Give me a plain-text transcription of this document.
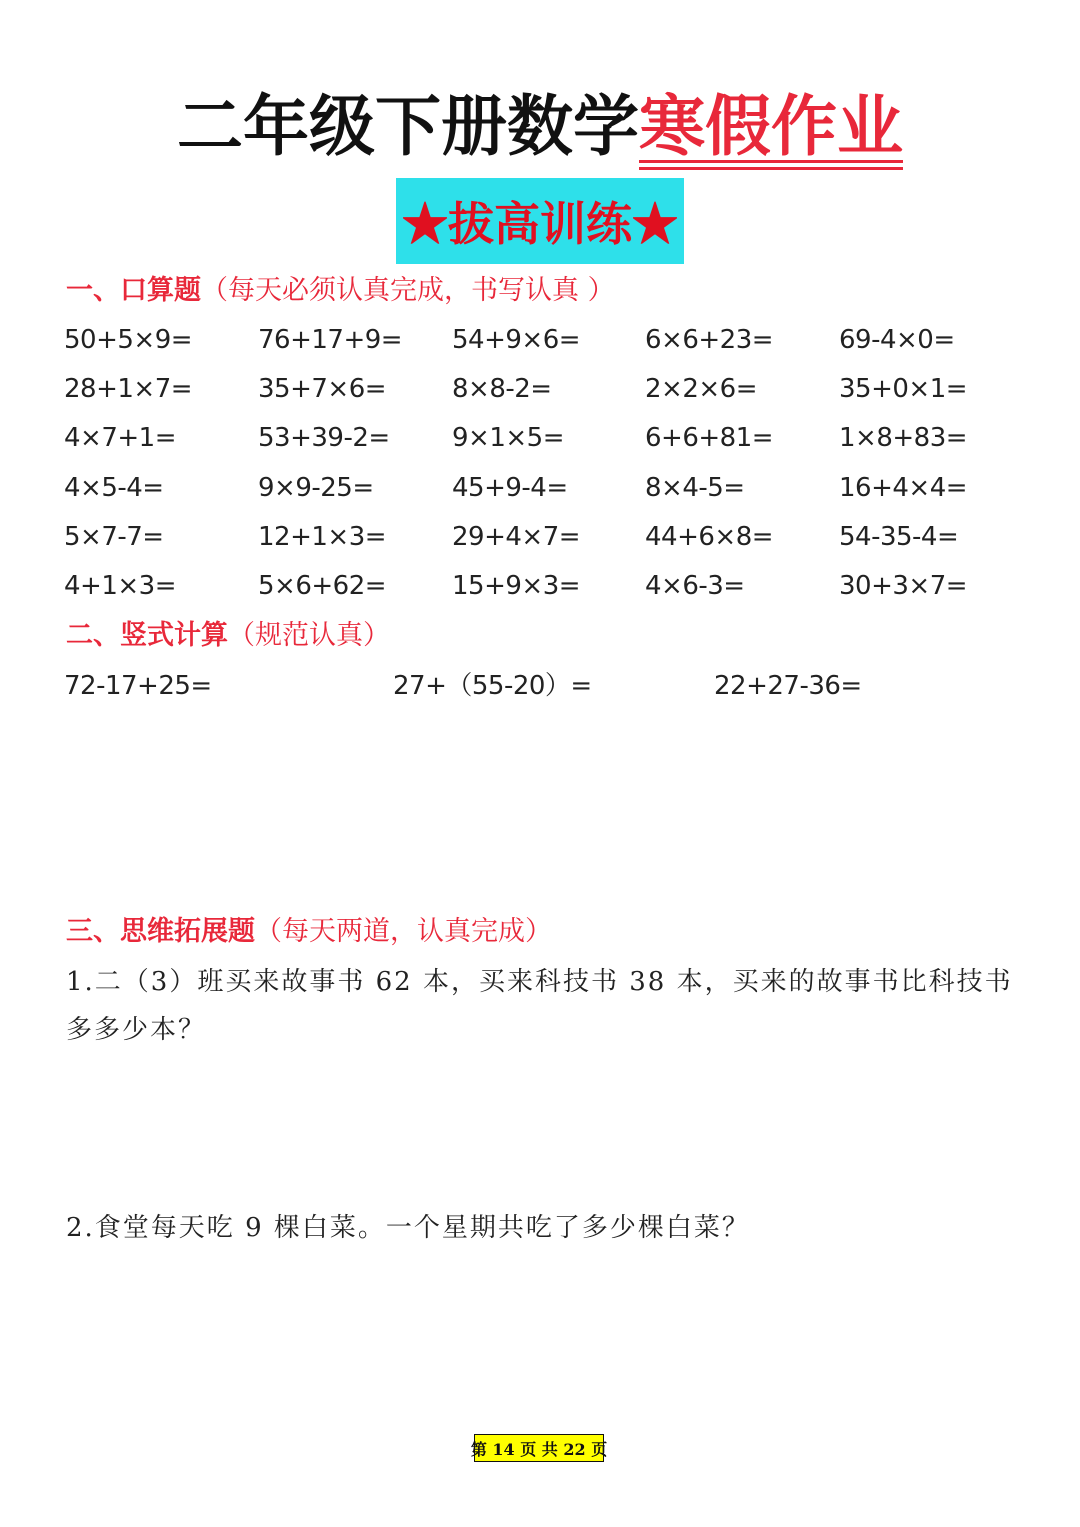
二年级下册数学寒假作业
★拔高训练★
一、口算题（每天必须认真完成，书写认真 ）
50+5×9=	76+17+9= 54+9×6= 6×6+23=	69-4×0=
28+1×7=	35+7×6=	8×8-2=	2×2×6=	35+0×1=
4×7+1=	53+39-2= 9×1×5=	6+6+81=	1×8+83=
4×5-4=	9×9-25=	45+9-4=	8×4-5=	16+4×4=
5×7-7=	12+1×3=	29+4×7= 44+6×8=	54-35-4=
4+1×3=	5×6+62=	15+9×3= 4×6-3=	30+3×7=
二、竖式计算（规范认真）
72-17+25=	27+（55-20）=	22+27-36=
三、思维拓展题（每天两道，认真完成）
1.二（3）班买来故事书 62 本，买来科技书 38 本，买来的故事书比科技书多多少本？
2.食堂每天吃 9 棵白菜。一个星期共吃了多少棵白菜？
第 14 页 共 22 页
